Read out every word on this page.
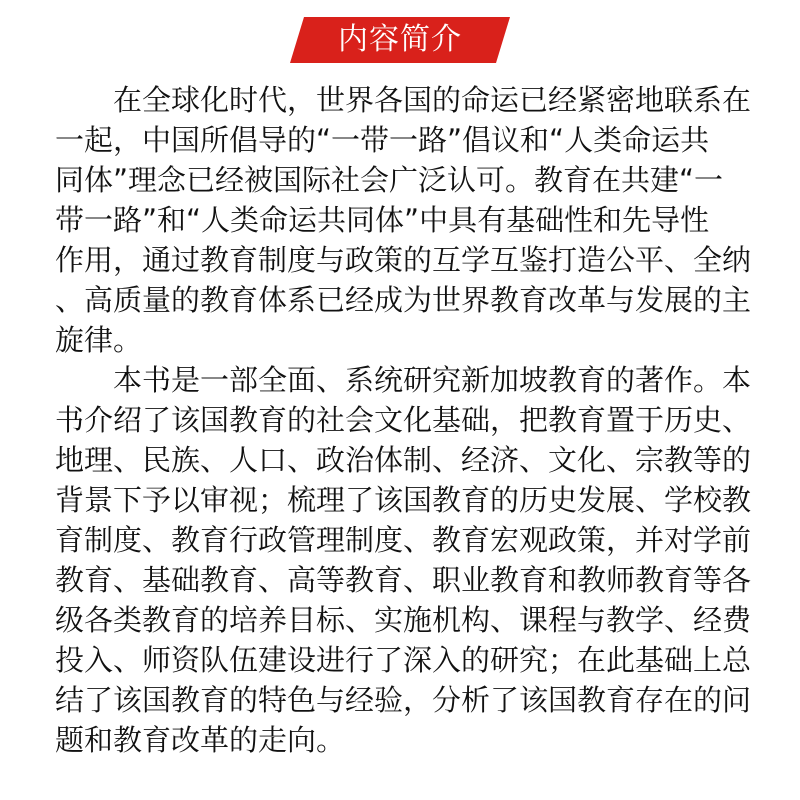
内容简介
在全球化时代，世界各国的命运已经紧密地联系在
一起，中国所倡导的“一带一路”倡议和“人类命运共
同体”理念已经被国际社会广泛认可。教育在共建“一
带一路”和“人类命运共同体”中具有基础性和先导性
作用，通过教育制度与政策的互学互鉴打造公平、全纳
、高质量的教育体系已经成为世界教育改革与发展的主
旋律。
本书是一部全面、系统研究新加坡教育的著作。本
书介绍了该国教育的社会文化基础，把教育置于历史、
地理、民族、人口、政治体制、经济、文化、宗教等的
背景下予以审视；梳理了该国教育的历史发展、学校教
育制度、教育行政管理制度、教育宏观政策，并对学前
教育、基础教育、高等教育、职业教育和教师教育等各
级各类教育的培养目标、实施机构、课程与教学、经费
投入、师资队伍建设进行了深入的研究；在此基础上总
结了该国教育的特色与经验，分析了该国教育存在的问
题和教育改革的走向。
